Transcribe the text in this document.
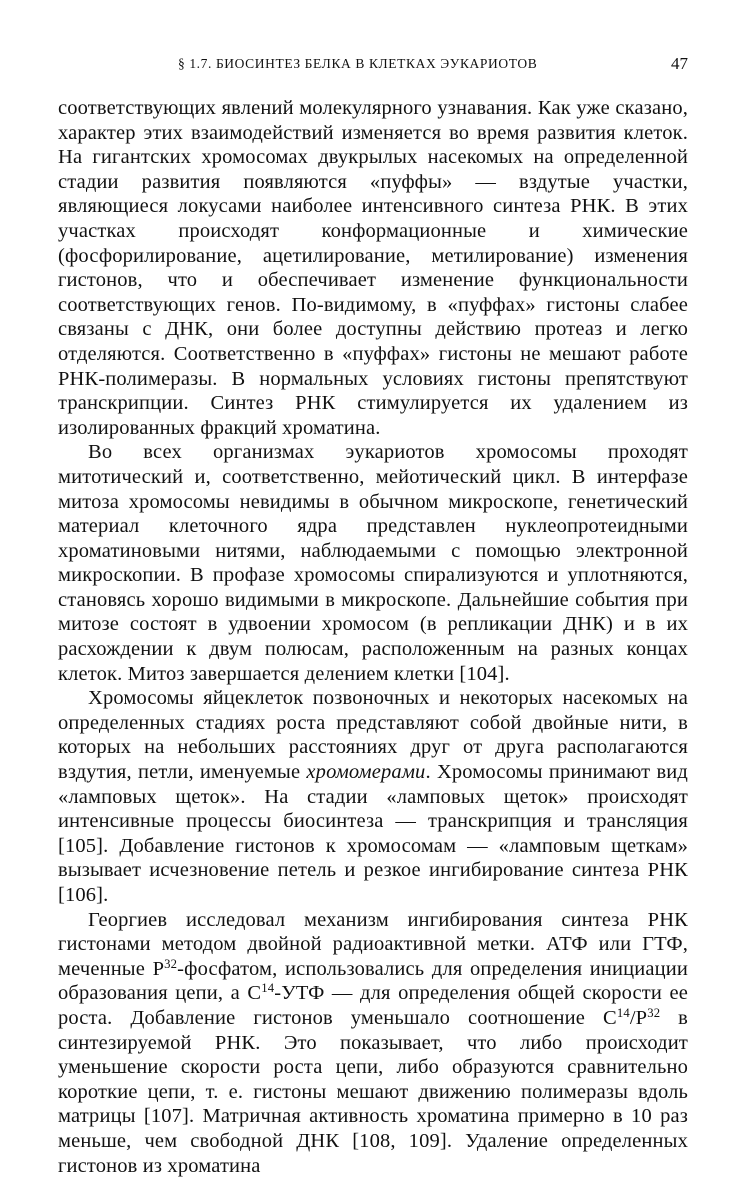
§ 1.7. БИОСИНТЕЗ БЕЛКА В КЛЕТКАХ ЭУКАРИОТОВ	47

соответствующих явлений молекулярного узнавания. Как уже сказано, характер этих взаимодействий изменяется во время развития клеток. На гигантских хромосомах двукрылых насекомых на определенной стадии развития появляются «пуффы» — вздутые участки, являющиеся локусами наиболее интенсивного синтеза РНК. В этих участках происходят конформационные и химические (фосфорилирование, ацетилирование, метилирование) изменения гистонов, что и обеспечивает изменение функциональности соответствующих генов. По-видимому, в «пуффах» гистоны слабее связаны с ДНК, они более доступны действию протеаз и легко отделяются. Соответственно в «пуффах» гистоны не мешают работе РНК-полимеразы. В нормальных условиях гистоны препятствуют транскрипции. Синтез РНК стимулируется их удалением из изолированных фракций хроматина.

Во всех организмах эукариотов хромосомы проходят митотический и, соответственно, мейотический цикл. В интерфазе митоза хромосомы невидимы в обычном микроскопе, генетический материал клеточного ядра представлен нуклеопротеидными хроматиновыми нитями, наблюдаемыми с помощью электронной микроскопии. В профазе хромосомы спирализуются и уплотняются, становясь хорошо видимыми в микроскопе. Дальнейшие события при митозе состоят в удвоении хромосом (в репликации ДНК) и в их расхождении к двум полюсам, расположенным на разных концах клеток. Митоз завершается делением клетки [104].

Хромосомы яйцеклеток позвоночных и некоторых насекомых на определенных стадиях роста представляют собой двойные нити, в которых на небольших расстояниях друг от друга располагаются вздутия, петли, именуемые хромомерами. Хромосомы принимают вид «ламповых щеток». На стадии «ламповых щеток» происходят интенсивные процессы биосинтеза — транскрипция и трансляция [105]. Добавление гистонов к хромосомам — «ламповым щеткам» вызывает исчезновение петель и резкое ингибирование синтеза РНК [106].

Георгиев исследовал механизм ингибирования синтеза РНК гистонами методом двойной радиоактивной метки. АТФ или ГТФ, меченные $Р^{32}$-фосфатом, использовались для определения инициации образования цепи, а $С^{14}$-УТФ — для определения общей скорости ее роста. Добавление гистонов уменьшало соотношение $С^{14}/Р^{32}$ в синтезируемой РНК. Это показывает, что либо происходит уменьшение скорости роста цепи, либо образуются сравнительно короткие цепи, т. е. гистоны мешают движению полимеразы вдоль матрицы [107]. Матричная активность хроматина примерно в 10 раз меньше, чем свободной ДНК [108, 109]. Удаление определенных гистонов из хроматина
